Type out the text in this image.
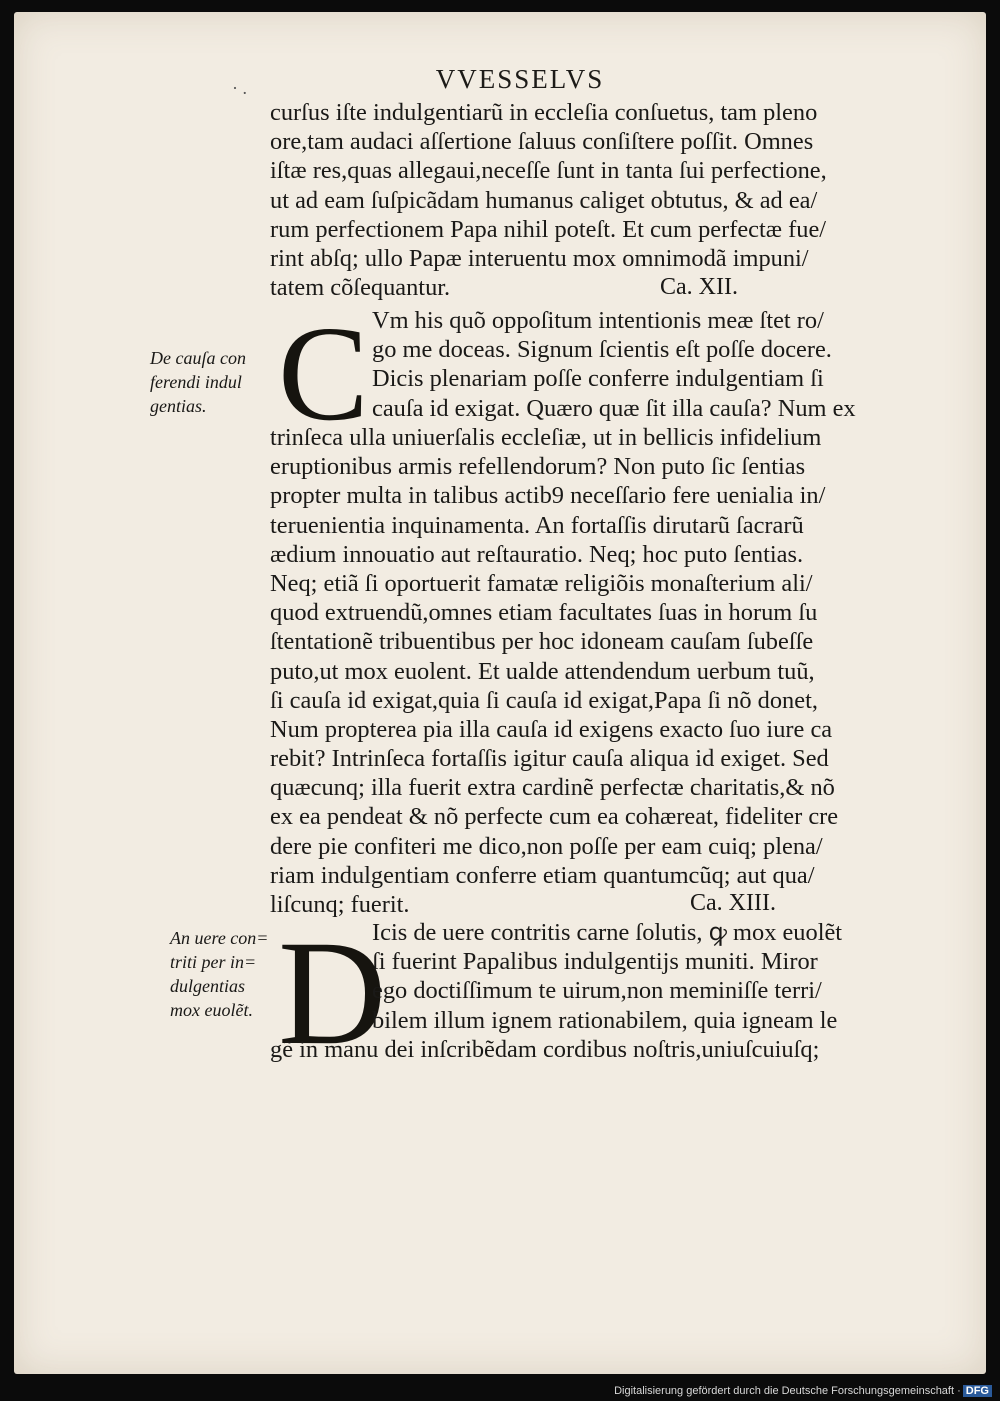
· .	VVESSELVS
curſus iſte indulgentiarũ in eccleſia conſuetus, tam pleno
ore,tam audaci aſſertione ſaluus conſiſtere poſſit. Omnes
iſtæ res,quas allegaui,neceſſe ſunt in tanta ſui perfectione,
ut ad eam ſuſpicãdam humanus caliget obtutus, & ad ea/
rum perfectionem Papa nihil poteſt. Et cum perfectæ fue/
rint abſq; ullo Papæ interuentu mox omnimodã impuni/
tatem cõſequantur.	Ca. XII.
C Vm his quõ oppoſitum intentionis meæ ſtet ro/
go me doceas. Signum ſcientis eſt poſſe docere.
Dicis plenariam poſſe conferre indulgentiam ſi
cauſa id exigat. Quæro quæ ſit illa cauſa? Num ex
trinſeca ulla uniuerſalis eccleſiæ, ut in bellicis infidelium
eruptionibus armis refellendorum? Non puto ſic ſentias
propter multa in talibus actib9 neceſſario fere uenialia in/
teruenientia inquinamenta. An fortaſſis dirutarũ ſacrarũ
ædium innouatio aut reſtauratio. Neq; hoc puto ſentias.
Neq; etiã ſi oportuerit famatæ religiõis monaſterium ali/
quod extruendũ,omnes etiam facultates ſuas in horum ſu
ſtentationẽ tribuentibus per hoc idoneam cauſam ſubeſſe
puto,ut mox euolent. Et ualde attendendum uerbum tuũ,
ſi cauſa id exigat,quia ſi cauſa id exigat,Papa ſi nõ donet,
Num propterea pia illa cauſa id exigens exacto ſuo iure ca
rebit? Intrinſeca fortaſſis igitur cauſa aliqua id exiget. Sed
quæcunq; illa fuerit extra cardinẽ perfectæ charitatis,& nõ
ex ea pendeat & nõ perfecte cum ea cohæreat, fideliter cre
dere pie confiteri me dico,non poſſe per eam cuiq; plena/
riam indulgentiam conferre etiam quantumcũq; aut qua/
liſcunq; fuerit.	Ca. XIII.
D
Icis de uere contritis carne ſolutis, ꝙ mox euolẽt
ſi fuerint Papalibus indulgentijs muniti. Miror
ego doctiſſimum te uirum,non meminiſſe terri/
bilem illum ignem rationabilem, quia igneam le
gẽ in manu dei inſcribẽdam cordibus noſtris,uniuſcuiuſq;
De cauſa con
ferendi indul
gentias.
An uere con=
triti per in=
dulgentias
mox euolẽt.
Digitalisierung gefördert durch die Deutsche Forschungsgemeinschaft · DFG
